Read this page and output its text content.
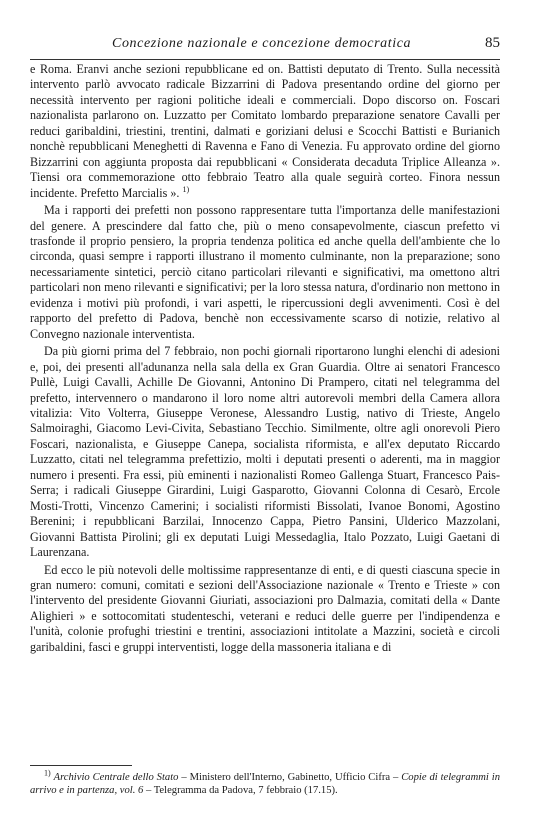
Concezione nazionale e concezione democratica	85

e Roma. Eranvi anche sezioni repubblicane ed on. Battisti deputato di Trento. Sulla necessità intervento parlò avvocato radicale Bizzarrini di Padova presentando ordine del giorno per necessità intervento per ragioni politiche ideali e commerciali. Dopo discorso on. Foscari nazionalista parlarono on. Luzzatto per Comitato lombardo preparazione senatore Cavalli per reduci garibaldini, triestini, trentini, dalmati e goriziani delusi e Scocchi Battisti e Burianich nonchè repubblicani Meneghetti di Ravenna e Fano di Venezia. Fu approvato ordine del giorno Bizzarrini con aggiunta proposta dai repubblicani « Considerata decaduta Triplice Alleanza ». Tiensi ora commemorazione otto febbraio Teatro alla quale seguirà corteo. Finora nessun incidente. Prefetto Marcialis ». $^{1)}$

Ma i rapporti dei prefetti non possono rappresentare tutta l'importanza delle manifestazioni del genere. A prescindere dal fatto che, più o meno consapevolmente, ciascun prefetto vi trasfonde il proprio pensiero, la propria tendenza politica ed anche quella dell'ambiente che lo circonda, quasi sempre i rapporti illustrano il momento culminante, non la preparazione; sono necessariamente sintetici, perciò citano particolari rilevanti e significativi, ma omettono altri particolari non meno rilevanti e significativi; per la loro stessa natura, d'ordinario non mettono in evidenza i motivi più profondi, i vari aspetti, le ripercussioni degli avvenimenti. Così è del rapporto del prefetto di Padova, benchè non eccessivamente scarso di notizie, relativo al Convegno nazionale interventista.

Da più giorni prima del 7 febbraio, non pochi giornali riportarono lunghi elenchi di adesioni e, poi, dei presenti all'adunanza nella sala della ex Gran Guardia. Oltre ai senatori Francesco Pullè, Luigi Cavalli, Achille De Giovanni, Antonino Di Prampero, citati nel telegramma del prefetto, intervennero o mandarono il loro nome altri autorevoli membri della Camera allora vitalizia: Vito Volterra, Giuseppe Veronese, Alessandro Lustig, nativo di Trieste, Angelo Salmoiraghi, Giacomo Levi-Civita, Sebastiano Tecchio. Similmente, oltre agli onorevoli Piero Foscari, nazionalista, e Giuseppe Canepa, socialista riformista, e all'ex deputato Riccardo Luzzatto, citati nel telegramma prefettizio, molti i deputati presenti o aderenti, ma in maggior numero i presenti. Fra essi, più eminenti i nazionalisti Romeo Gallenga Stuart, Francesco Pais-Serra; i radicali Giuseppe Girardini, Luigi Gasparotto, Giovanni Colonna di Cesarò, Ercole Mosti-Trotti, Vincenzo Camerini; i socialisti riformisti Bissolati, Ivanoe Bonomi, Agostino Berenini; i repubblicani Barzilai, Innocenzo Cappa, Pietro Pansini, Ulderico Mazzolani, Giovanni Battista Pirolini; gli ex deputati Luigi Messedaglia, Italo Pozzato, Luigi Gaetani di Laurenzana.

Ed ecco le più notevoli delle moltissime rappresentanze di enti, e di questi ciascuna specie in gran numero: comuni, comitati e sezioni dell'Associazione nazionale « Trento e Trieste » con l'intervento del presidente Giovanni Giuriati, associazioni pro Dalmazia, comitati della « Dante Alighieri » e sottocomitati studenteschi, veterani e reduci delle guerre per l'indipendenza e l'unità, colonie profughi triestini e trentini, associazioni intitolate a Mazzini, società e circoli garibaldini, fasci e gruppi interventisti, logge della massoneria italiana e di

$^{1)}$ Archivio Centrale dello Stato – Ministero dell'Interno, Gabinetto, Ufficio Cifra – Copie di telegrammi in arrivo e in partenza, vol. 6 – Telegramma da Padova, 7 febbraio (17.15).
